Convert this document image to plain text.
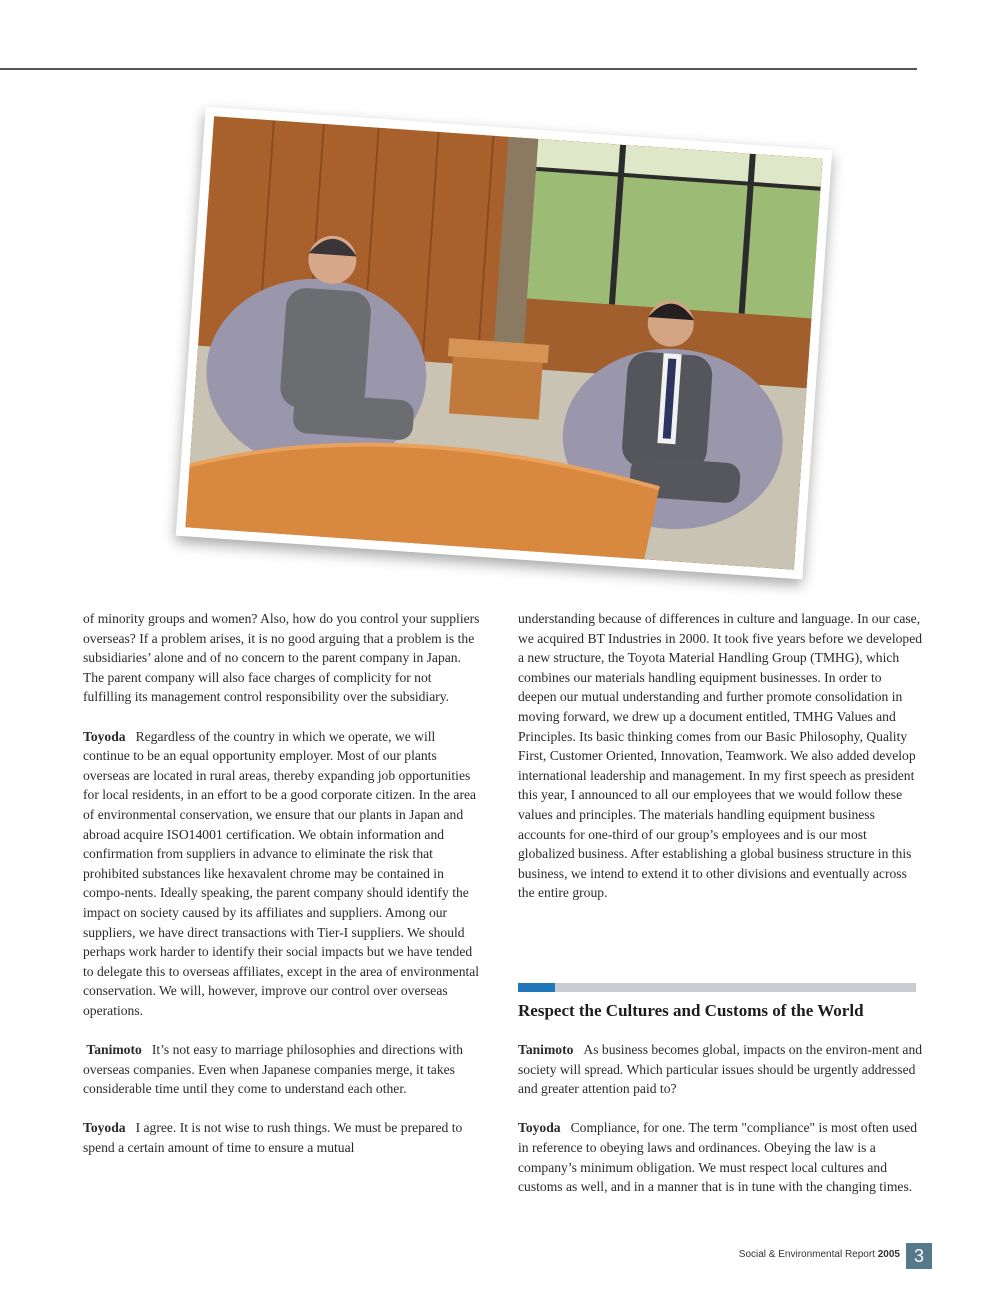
of minority groups and women? Also, how do you control your suppliers overseas? If a problem arises, it is no good arguing that a problem is the subsidiaries’ alone and of no concern to the parent company in Japan. The parent company will also face charges of complicity for not fulfilling its management control responsibility over the subsidiary.

Toyoda Regardless of the country in which we operate, we will continue to be an equal opportunity employer. Most of our plants overseas are located in rural areas, thereby expanding job opportunities for local residents, in an effort to be a good corporate citizen. In the area of environmental conservation, we ensure that our plants in Japan and abroad acquire ISO14001 certification. We obtain information and confirmation from suppliers in advance to eliminate the risk that prohibited substances like hexavalent chrome may be contained in compo-nents. Ideally speaking, the parent company should identify the impact on society caused by its affiliates and suppliers. Among our suppliers, we have direct transactions with Tier-I suppliers. We should perhaps work harder to identify their social impacts but we have tended to delegate this to overseas affiliates, except in the area of environmental conservation. We will, however, improve our control over overseas operations.

Tanimoto It’s not easy to marriage philosophies and directions with overseas companies. Even when Japanese companies merge, it takes considerable time until they come to understand each other.

Toyoda I agree. It is not wise to rush things. We must be prepared to spend a certain amount of time to ensure a mutual

understanding because of differences in culture and language. In our case, we acquired BT Industries in 2000. It took five years before we developed a new structure, the Toyota Material Handling Group (TMHG), which combines our materials handling equipment businesses. In order to deepen our mutual understanding and further promote consolidation in moving forward, we drew up a document entitled, TMHG Values and Principles. Its basic thinking comes from our Basic Philosophy, Quality First, Customer Oriented, Innovation, Teamwork. We also added develop international leadership and management. In my first speech as president this year, I announced to all our employees that we would follow these values and principles. The materials handling equipment business accounts for one-third of our group’s employees and is our most globalized business. After establishing a global business structure in this business, we intend to extend it to other divisions and eventually across the entire group.

Respect the Cultures and Customs of the World

Tanimoto As business becomes global, impacts on the environ-ment and society will spread. Which particular issues should be urgently addressed and greater attention paid to?

Toyoda Compliance, for one. The term "compliance" is most often used in reference to obeying laws and ordinances. Obeying the law is a company’s minimum obligation. We must respect local cultures and customs as well, and in a manner that is in tune with the changing times.

Social & Environmental Report 2005 3
